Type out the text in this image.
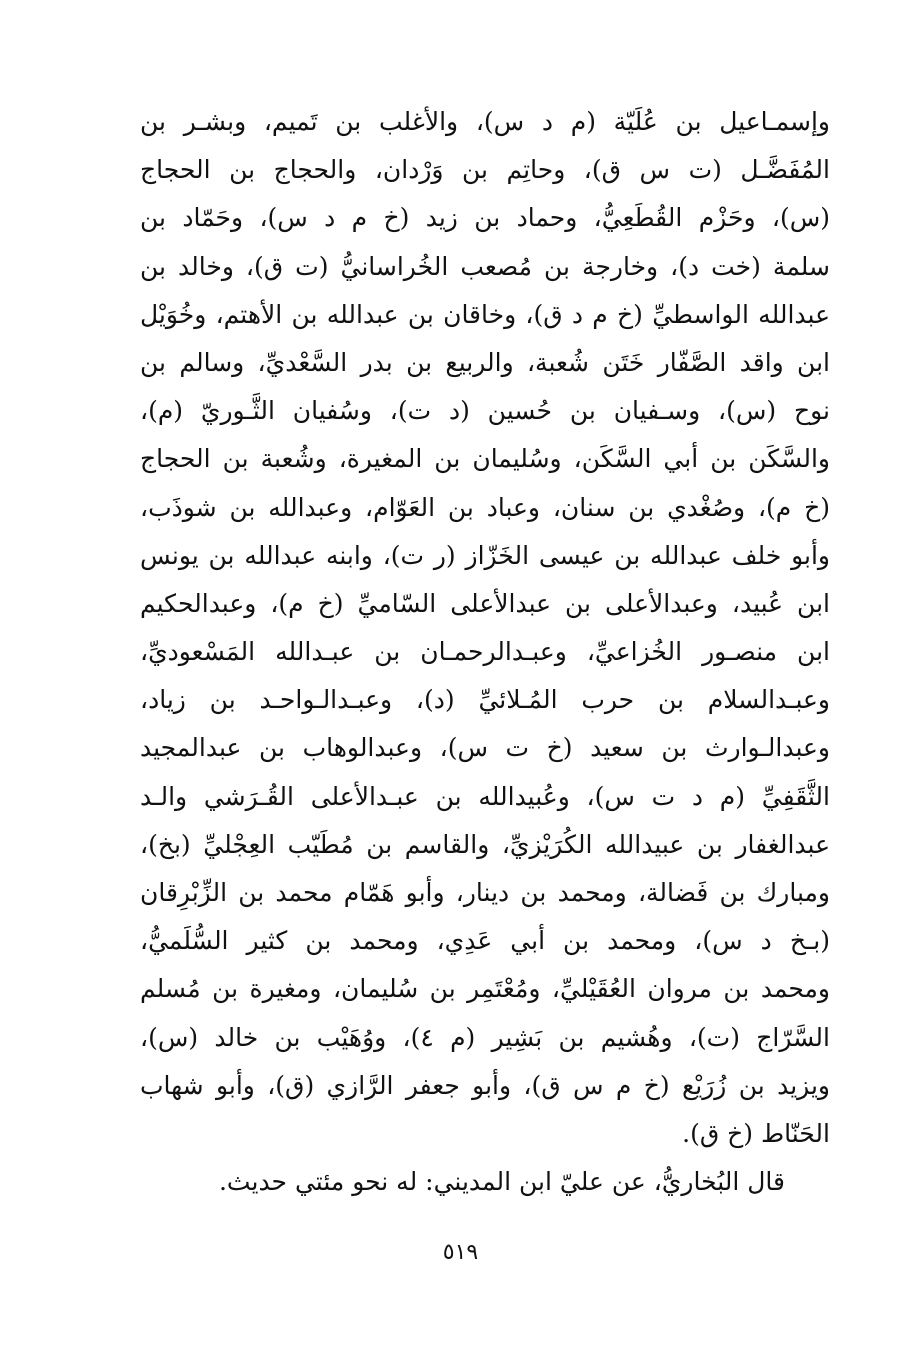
وإسمـاعيل بن عُلَيّة (م د س)، والأغلب بن تَميم، وبشـر بن
المُفَضَّـل (ت س ق)، وحاتِم بن وَرْدان، والحجاج بن الحجاج
(س)، وحَزْم القُطَعِيُّ، وحماد بن زيد (خ م د س)، وحَمّاد بن
سلمة (خت د)، وخارجة بن مُصعب الخُراسانيُّ (ت ق)، وخالد بن
عبدالله الواسطيِّ (خ م د ق)، وخاقان بن عبدالله بن الأهتم، وخُوَيْل
ابن واقد الصَّفّار خَتَن شُعبة، والربيع بن بدر السَّعْديِّ، وسالم بن
نوح (س)، وسـفيان بن حُسين (د ت)، وسُفيان الثَّـوريّ (م)،
والسَّكَن بن أبي السَّكَن، وسُليمان بن المغيرة، وشُعبة بن الحجاج
(خ م)، وصُغْدي بن سنان، وعباد بن العَوّام، وعبدالله بن شوذَب،
وأبو خلف عبدالله بن عيسى الخَزّاز (ر ت)، وابنه عبدالله بن يونس
ابن عُبيد، وعبدالأعلى بن عبدالأعلى السّاميِّ (خ م)، وعبدالحكيم
ابن منصـور الخُزاعيِّ، وعبـدالرحمـان بن عبـدالله المَسْعوديِّ،
وعبـدالسلام بن حرب المُـلائيِّ (د)، وعبـدالـواحـد بن زياد،
وعبدالـوارث بن سعيد (خ ت س)، وعبدالوهاب بن عبدالمجيد
الثَّقَفِيِّ (م د ت س)، وعُبيدالله بن عبـدالأعلى القُـرَشي والـد
عبدالغفار بن عبيدالله الكُرَيْزيِّ، والقاسم بن مُطَيّب العِجْليِّ (بخ)،
ومبارك بن فَضالة، ومحمد بن دينار، وأبو هَمّام محمد بن الزِّبْرِقان
(بـخ د س)، ومحمد بن أبي عَدِي، ومحمد بن كثير السُّلَميُّ،
ومحمد بن مروان العُقَيْليِّ، ومُعْتَمِر بن سُليمان، ومغيرة بن مُسلم
السَّرّاج (ت)، وهُشيم بن بَشِير (م ٤)، ووُهَيْب بن خالد (س)،
ويزيد بن زُرَيْع (خ م س ق)، وأبو جعفر الرَّازي (ق)، وأبو شهاب
الحَنّاط (خ ق).
قال البُخاريُّ، عن عليّ ابن المديني: له نحو مئتي حديث.
٥١٩
